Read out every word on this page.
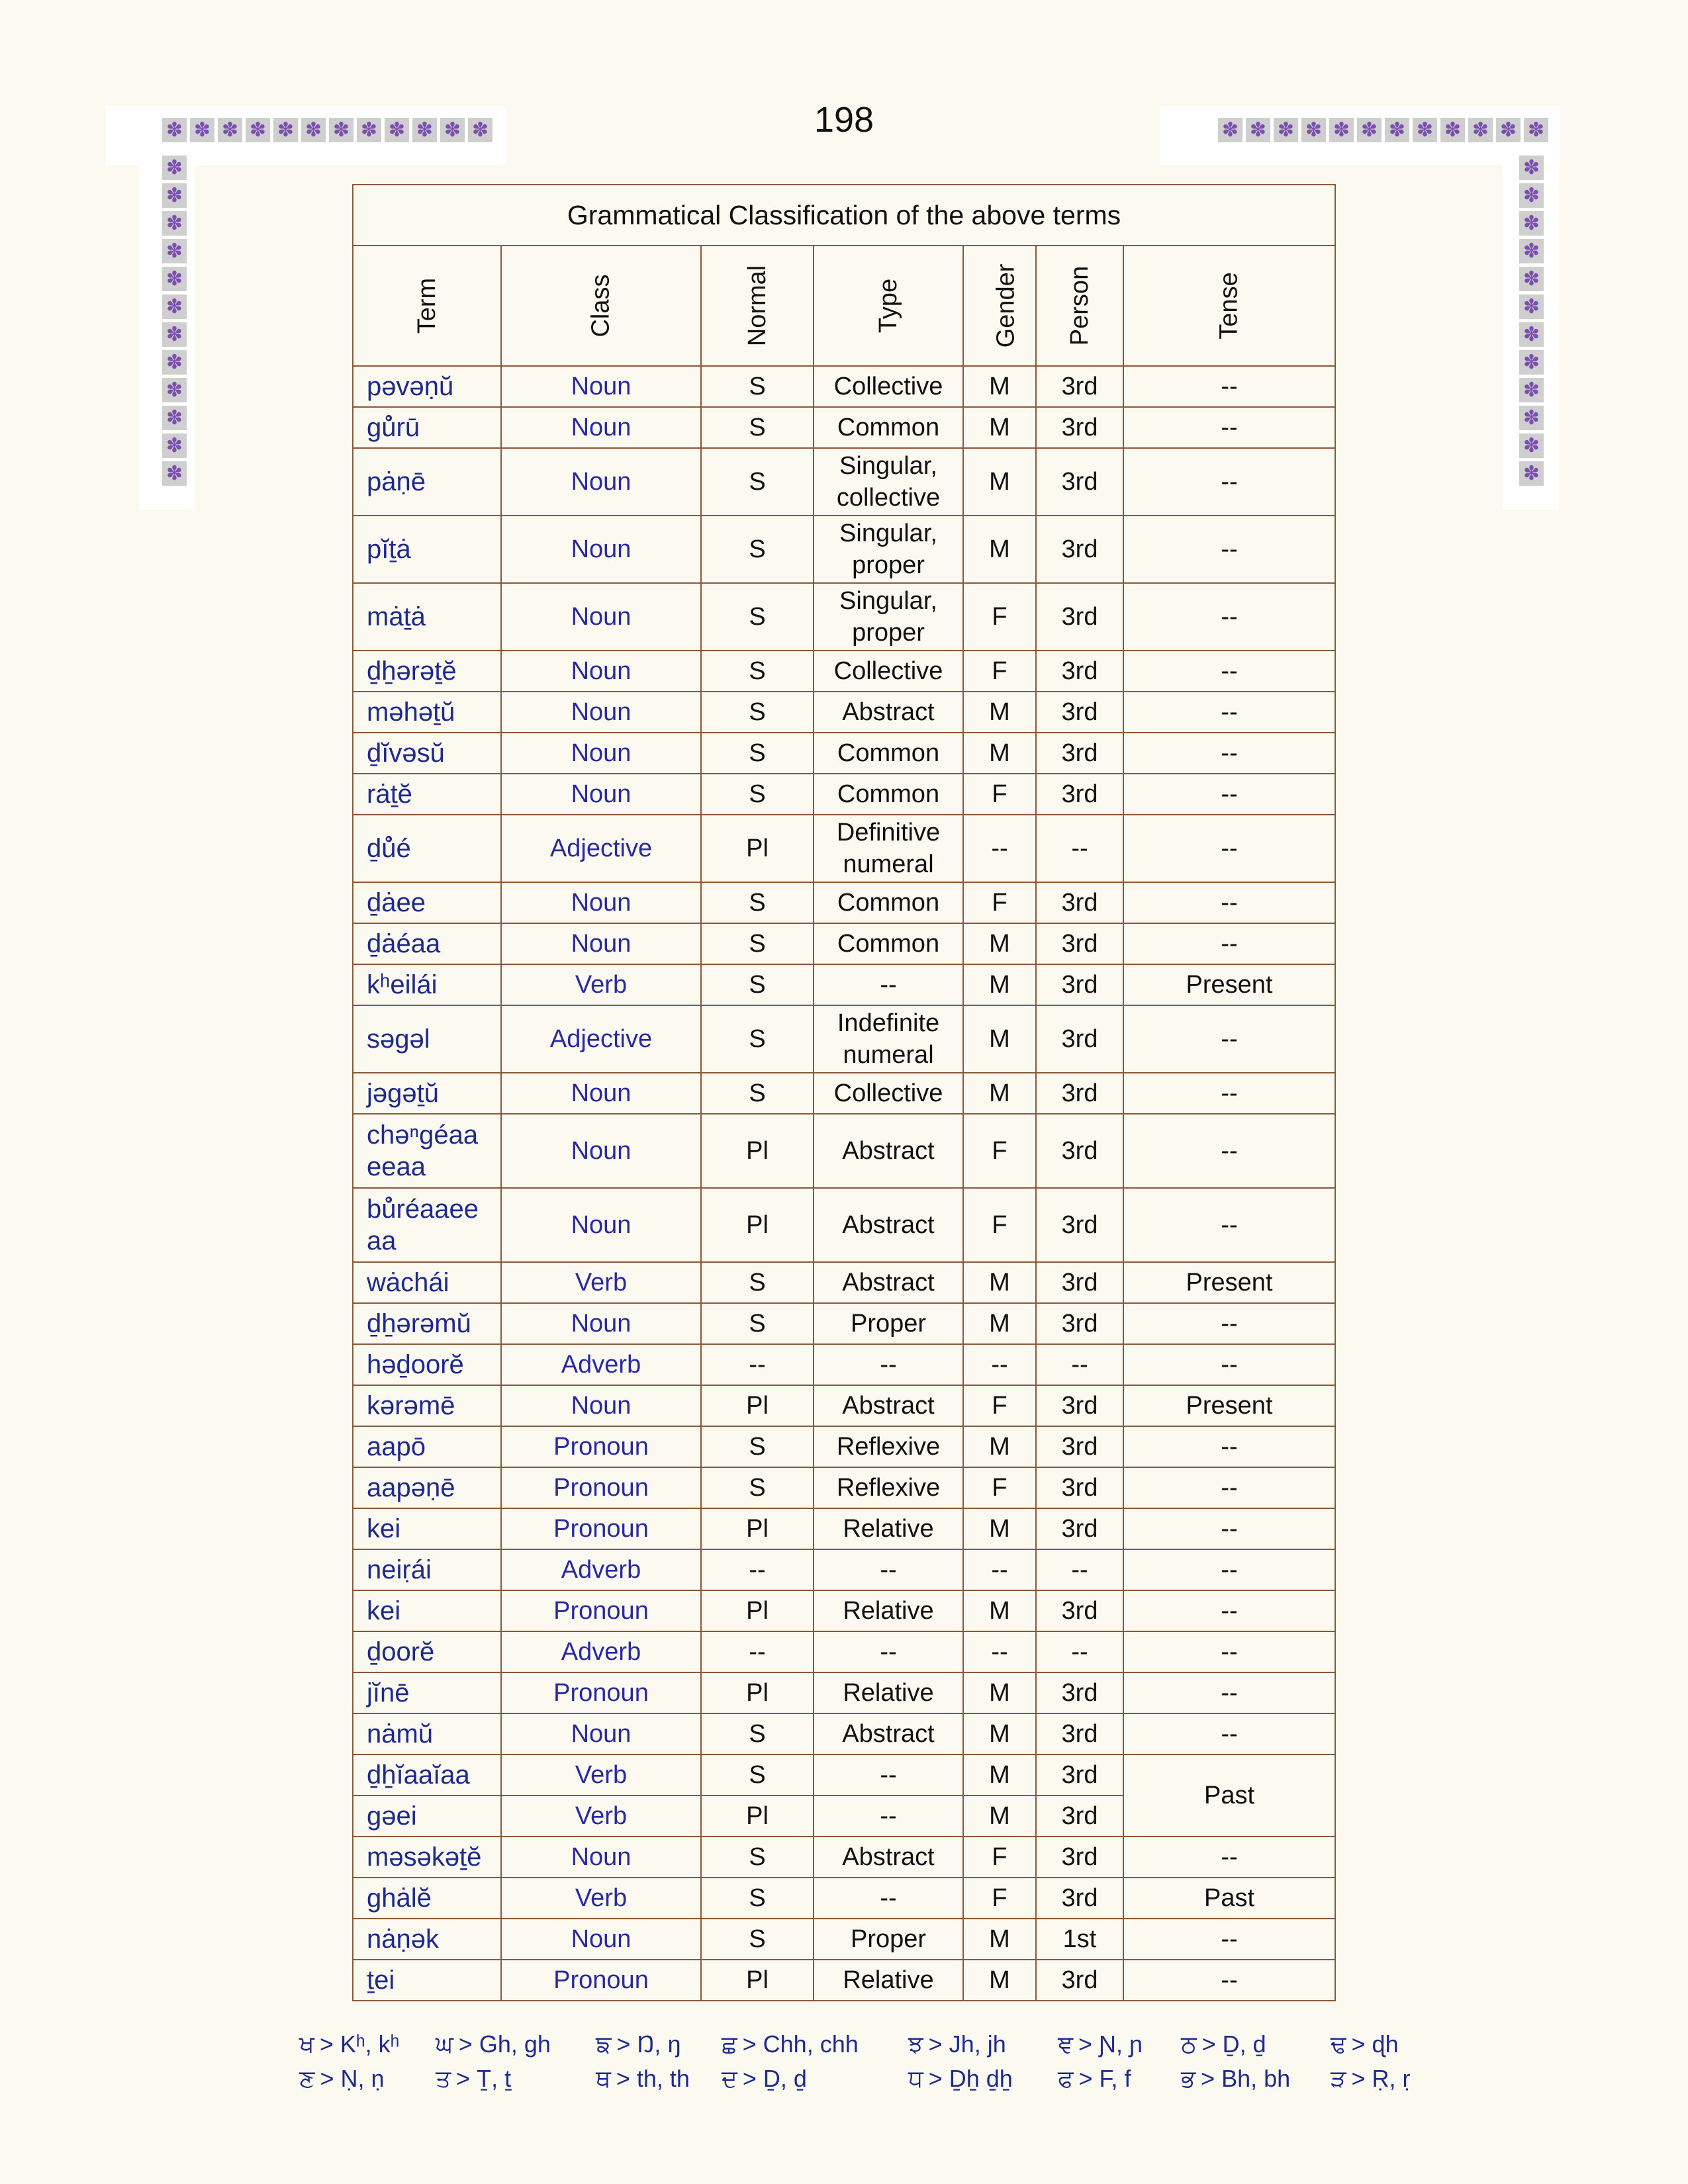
198
✽ ✽ ✽ ✽ ✽ ✽ ✽ ✽ ✽ ✽ ✽ ✽
✽
✽
✽
✽
✽
✽
✽
✽
✽
✽
✽
✽
✽ ✽ ✽ ✽ ✽ ✽ ✽ ✽ ✽ ✽ ✽ ✽
✽
✽
✽
✽
✽
✽
✽
✽
✽
✽
✽
✽
Grammatical Classification of the above terms						
Term	Class	Normal	Type	Gender	Person	Tense
pəvəṇŭ	Noun	S	Collective	M	3rd	--
gů̊rū	Noun	S	Common	M	3rd	--
pȧṇē	Noun	S	Singular,
collective	M	3rd	--
pĭṯȧ	Noun	S	Singular,
proper	M	3rd	--
mȧṯȧ	Noun	S	Singular,
proper	F	3rd	--
ḏẖərəṯĕ	Noun	S	Collective	F	3rd	--
məhəṯŭ	Noun	S	Abstract	M	3rd	--
ḏĭvəsŭ	Noun	S	Common	M	3rd	--
rȧṯĕ	Noun	S	Common	F	3rd	--
ḏů̊é	Adjective	Pl	Definitive
numeral	--	--	--
ḏȧee	Noun	S	Common	F	3rd	--
ḏȧéaa	Noun	S	Common	M	3rd	--
kʰeilái	Verb	S	--	M	3rd	Present
səgəl	Adjective	S	Indefinite
numeral	M	3rd	--
jəgəṯŭ	Noun	S	Collective	M	3rd	--
chəⁿgéaa
eeaa	Noun	Pl	Abstract	F	3rd	--
bů̊réaaee
aa	Noun	Pl	Abstract	F	3rd	--
wȧchái	Verb	S	Abstract	M	3rd	Present
ḏẖərəmŭ	Noun	S	Proper	M	3rd	--
həḏoorĕ	Adverb	--	--	--	--	--
kərəmē	Noun	Pl	Abstract	F	3rd	Present
aapō	Pronoun	S	Reflexive	M	3rd	--
aapəṇē	Pronoun	S	Reflexive	F	3rd	--
kei	Pronoun	Pl	Relative	M	3rd	--
neiṛái	Adverb	--	--	--	--	--
kei	Pronoun	Pl	Relative	M	3rd	--
ḏoorĕ	Adverb	--	--	--	--	--
jĭnē	Pronoun	Pl	Relative	M	3rd	--
nȧmŭ	Noun	S	Abstract	M	3rd	--
ḏẖĭaaĭaa	Verb	S	--	M	3rd	Past
gəei	Verb	Pl	--	M	3rd	
məsəkəṯĕ	Noun	S	Abstract	F	3rd	--
ghȧlĕ	Verb	S	--	F	3rd	Past
nȧṇək	Noun	S	Proper	M	1st	--
ṯei	Pronoun	Pl	Relative	M	3rd	--
ਖ > Kʰ, kʰ ਘ > Gh, gh ਙ > Ŋ, ŋ ਛ > Chh, chh ਝ > Jh, jh ਞ > Ɲ, ɲ ਠ > Ḏ, ḏ	ਢ > ɖh
ਣ > Ṇ, ṇ ਤ > Ṯ, ṯ	ਥ > th, th ਦ > Ḏ, ḏ	ਧ > Ḏẖ ḏẖ ਫ > F, f ਭ > Bh, bh ੜ > Ṛ, ṛ
